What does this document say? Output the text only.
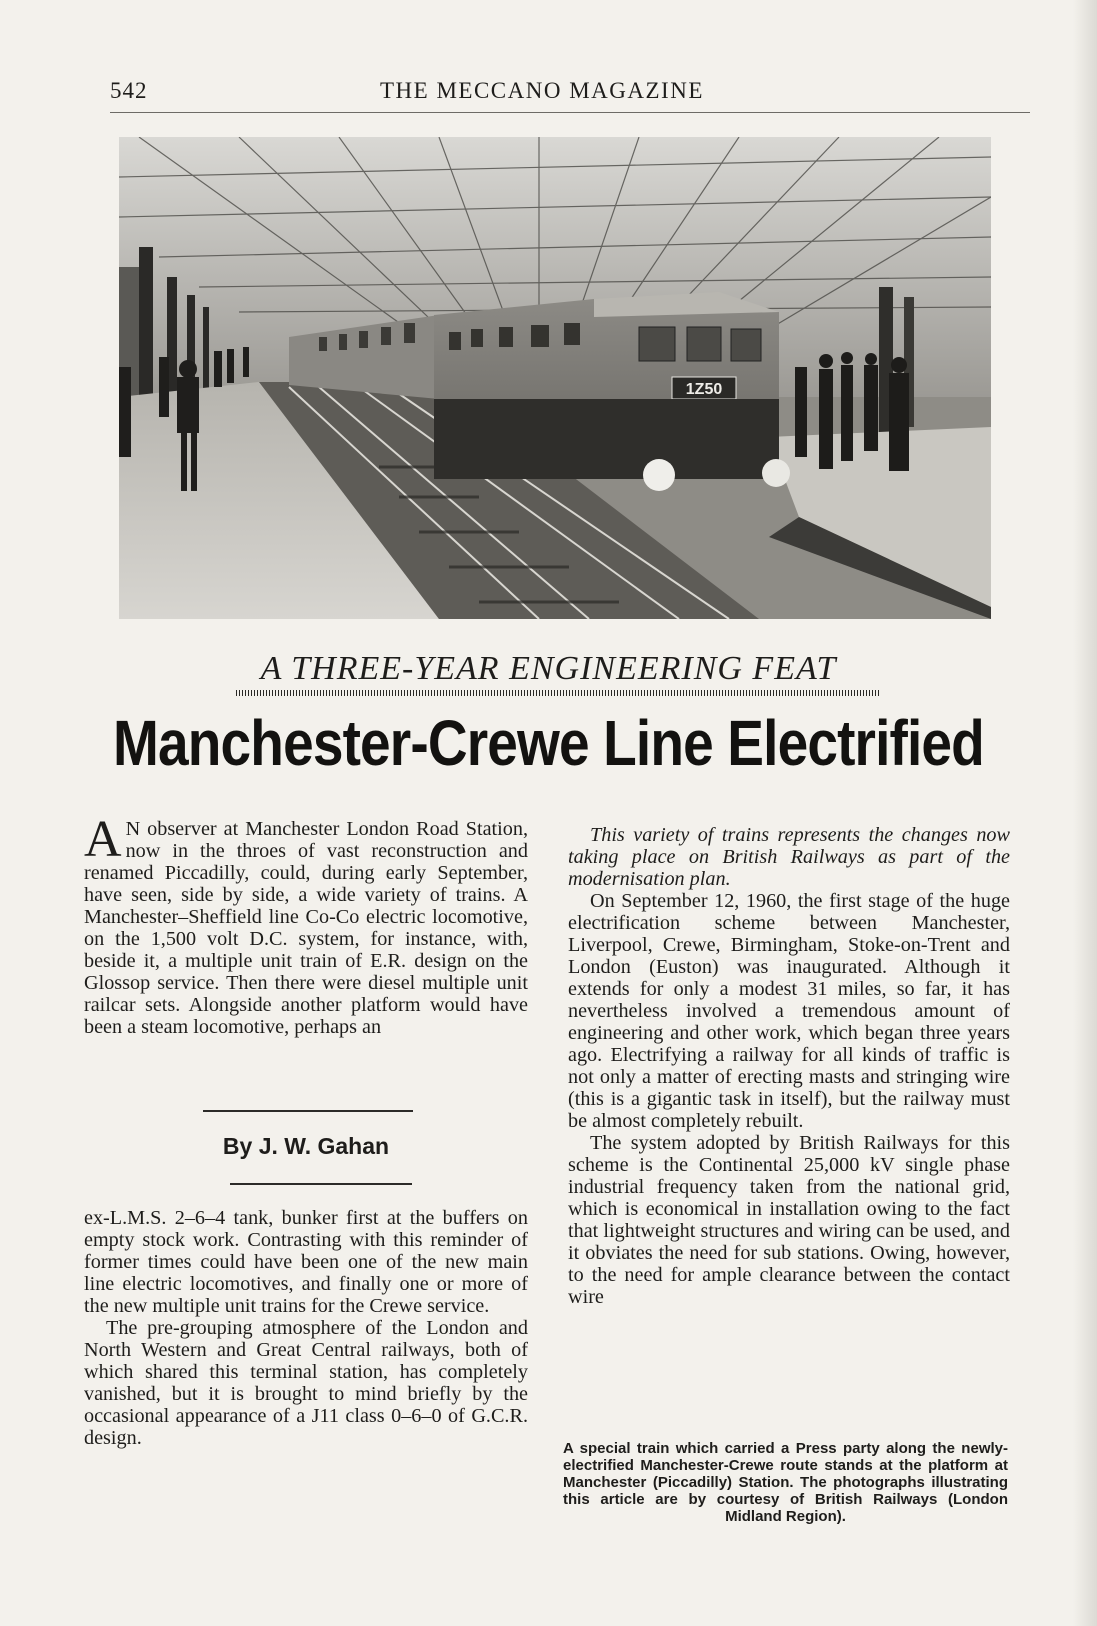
542	THE MECCANO MAGAZINE
1Z50
A THREE-YEAR ENGINEERING FEAT
Manchester-Crewe Line Electrified

A N observer at Manchester London Road Station, now in the throes of vast reconstruction and renamed Piccadilly, could, during early September, have seen, side by side, a wide variety of trains. A Manchester–Sheffield line Co-Co electric locomotive, on the 1,500 volt D.C. system, for instance, with, beside it, a multiple unit train of E.R. design on the Glossop service. Then there were diesel multiple unit railcar sets. Alongside another platform would have been a steam locomotive, perhaps an

By J. W. Gahan

ex-L.M.S. 2–6–4 tank, bunker first at the buffers on empty stock work. Contrasting with this reminder of former times could have been one of the new main line electric locomotives, and finally one or more of the new multiple unit trains for the Crewe service.

The pre-grouping atmosphere of the London and North Western and Great Central railways, both of which shared this terminal station, has completely vanished, but it is brought to mind briefly by the occasional appearance of a J11 class 0–6–0 of G.C.R. design.

This variety of trains represents the changes now taking place on British Railways as part of the modernisation plan.

On September 12, 1960, the first stage of the huge electrification scheme between Manchester, Liverpool, Crewe, Birmingham, Stoke-on-Trent and London (Euston) was inaugurated. Although it extends for only a modest 31 miles, so far, it has nevertheless involved a tremendous amount of engineering and other work, which began three years ago. Electrifying a railway for all kinds of traffic is not only a matter of erecting masts and stringing wire (this is a gigantic task in itself), but the railway must be almost completely rebuilt.

The system adopted by British Railways for this scheme is the Continental 25,000 kV single phase industrial frequency taken from the national grid, which is economical in installation owing to the fact that lightweight structures and wiring can be used, and it obviates the need for sub stations. Owing, however, to the need for ample clearance between the contact wire

A special train which carried a Press party along the newly-electrified Manchester-Crewe route stands at the platform at Manchester (Piccadilly) Station. The photographs illustrating this article are by courtesy of British Railways (London Midland Region).
